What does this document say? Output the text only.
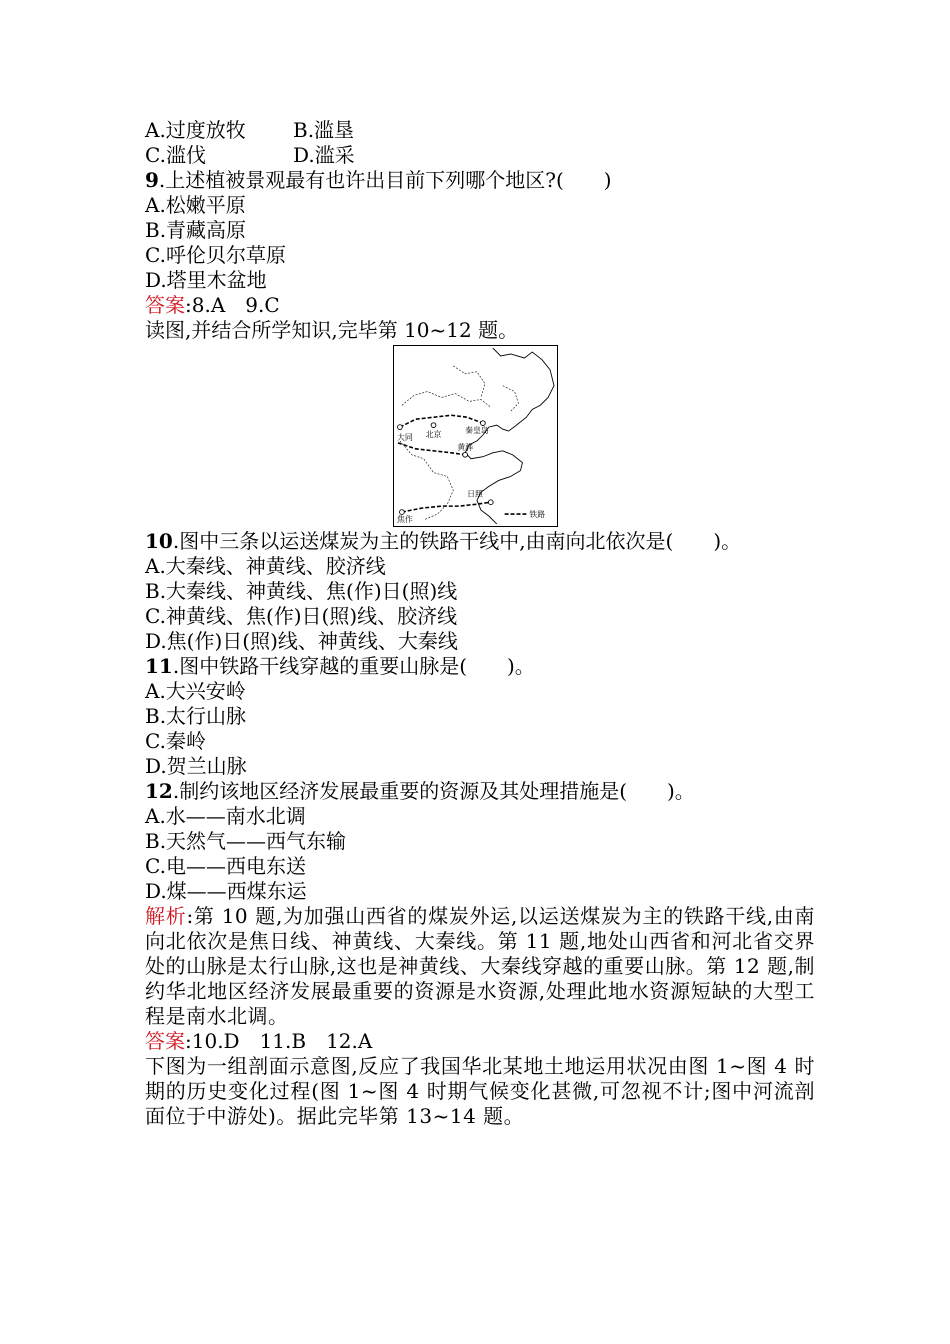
A.过度放牧 B.滥垦
C.滥伐	D.滥采
9.上述植被景观最有也许出目前下列哪个地区?(　　)
A.松嫩平原
B.青藏高原
C.呼伦贝尔草原
D.塔里木盆地
答案:8.A　9.C
读图,并结合所学知识,完毕第 10~12 题。
大同 北京	秦皇岛
黄骅
日照
焦作
铁路
10.图中三条以运送煤炭为主的铁路干线中,由南向北依次是(　　)。
A.大秦线、神黄线、胶济线
B.大秦线、神黄线、焦(作)日(照)线
C.神黄线、焦(作)日(照)线、胶济线
D.焦(作)日(照)线、神黄线、大秦线
11.图中铁路干线穿越的重要山脉是(　　)。
A.大兴安岭
B.太行山脉
C.秦岭
D.贺兰山脉
12.制约该地区经济发展最重要的资源及其处理措施是(　　)。
A.水——南水北调
B.天然气——西气东输
C.电——西电东送
D.煤——西煤东运
解析:第 10 题,为加强山西省的煤炭外运,以运送煤炭为主的铁路干线,由南向北依次是焦日线、神黄线、大秦线。第 11 题,地处山西省和河北省交界处的山脉是太行山脉,这也是神黄线、大秦线穿越的重要山脉。第 12 题,制约华北地区经济发展最重要的资源是水资源,处理此地水资源短缺的大型工程是南水北调。
答案:10.D　11.B　12.A
下图为一组剖面示意图,反应了我国华北某地土地运用状况由图 1~图 4 时期的历史变化过程(图 1~图 4 时期气候变化甚微,可忽视不计;图中河流剖面位于中游处)。据此完毕第 13~14 题。
